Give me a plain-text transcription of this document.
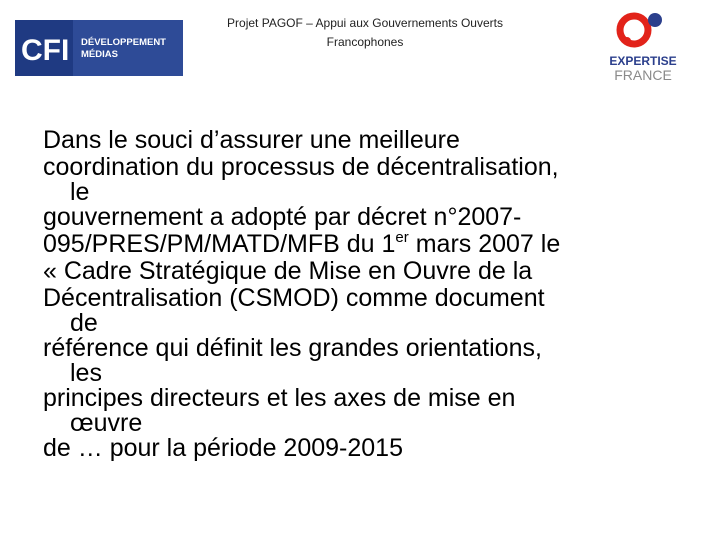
Projet PAGOF – Appui aux Gouvernements Ouverts
Francophones
CFI DÉVELOPPEMENT
MÉDIAS	EXPERTISE
FRANCE
Dans le souci d’assurer une meilleure
coordination du processus de décentralisation,
le
gouvernement a adopté par décret n°2007-
095/PRES/PM/MATD/MFB du 1er mars 2007 le
« Cadre Stratégique de Mise en Ouvre de la
Décentralisation (CSMOD) comme document
de
référence qui définit les grandes orientations,
les
principes directeurs et les axes de mise en
œuvre
de … pour la période 2009-2015
